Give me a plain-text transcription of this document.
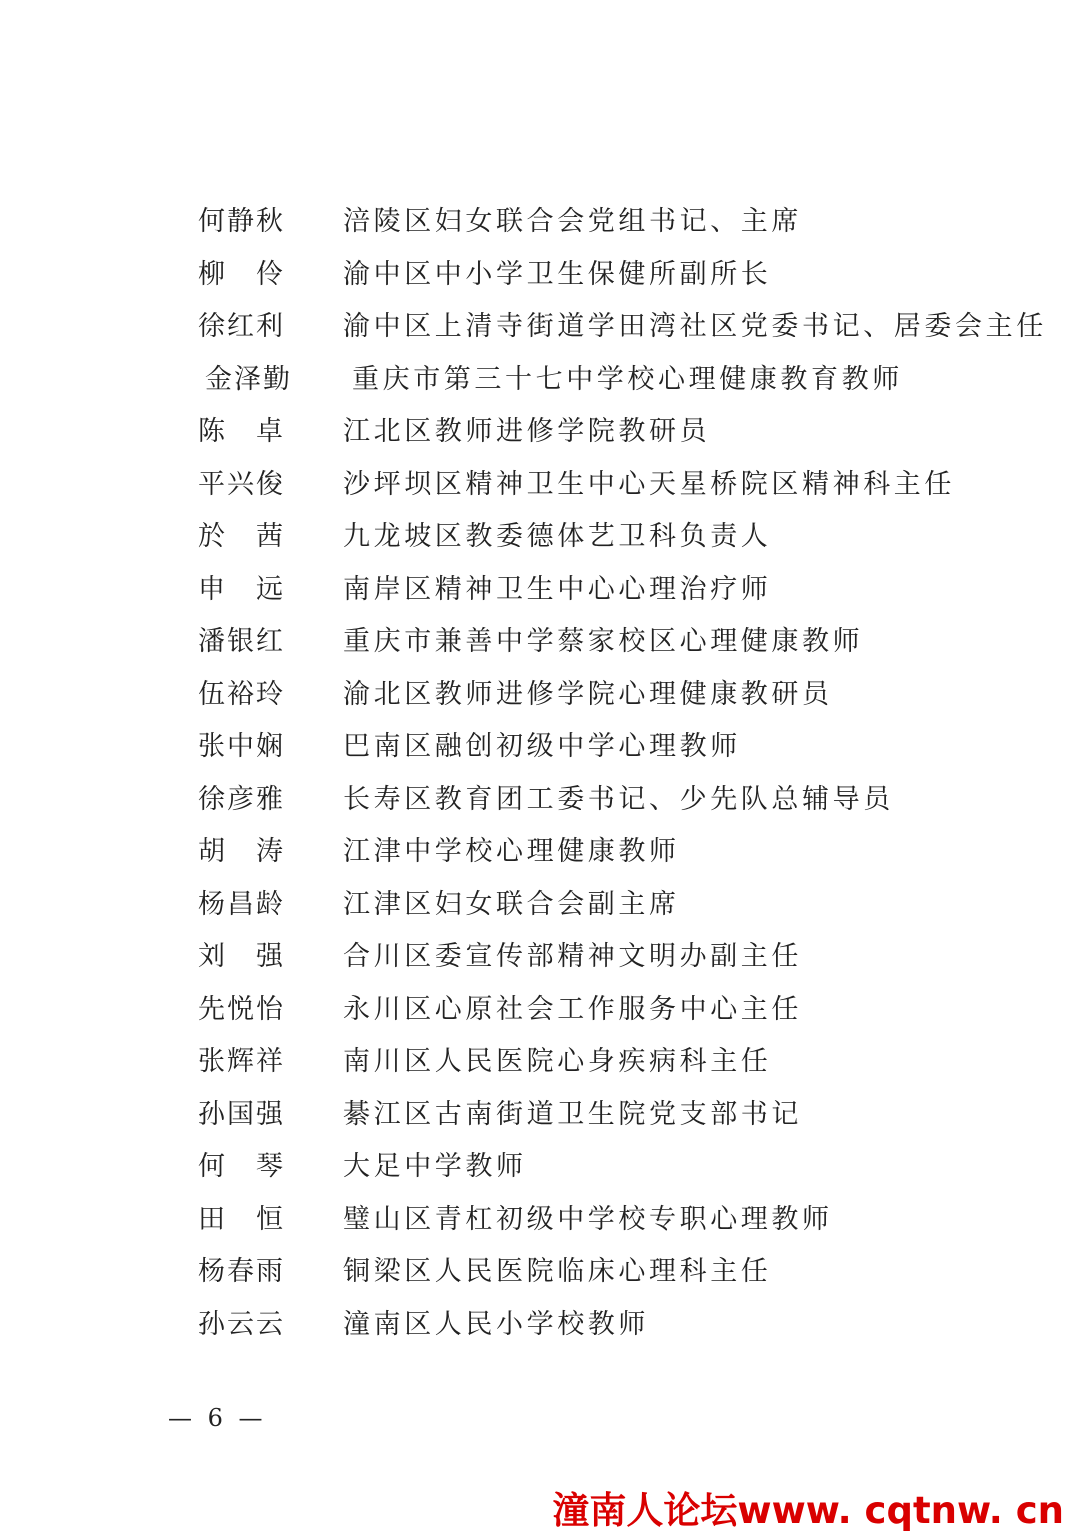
何静秋 涪陵区妇女联合会党组书记、主席
柳　伶 渝中区中小学卫生保健所副所长
徐红利 渝中区上清寺街道学田湾社区党委书记、居委会主任
金泽勤 重庆市第三十七中学校心理健康教育教师
陈　卓 江北区教师进修学院教研员
平兴俊 沙坪坝区精神卫生中心天星桥院区精神科主任
於　茜 九龙坡区教委德体艺卫科负责人
申　远 南岸区精神卫生中心心理治疗师
潘银红 重庆市兼善中学蔡家校区心理健康教师
伍裕玲 渝北区教师进修学院心理健康教研员
张中娴 巴南区融创初级中学心理教师
徐彦雅 长寿区教育团工委书记、少先队总辅导员
胡　涛 江津中学校心理健康教师
杨昌龄 江津区妇女联合会副主席
刘　强 合川区委宣传部精神文明办副主任
先悦怡 永川区心原社会工作服务中心主任
张辉祥 南川区人民医院心身疾病科主任
孙国强 綦江区古南街道卫生院党支部书记
何　琴 大足中学教师
田　恒 璧山区青杠初级中学校专职心理教师
杨春雨 铜梁区人民医院临床心理科主任
孙云云 潼南区人民小学校教师
— 6 —
潼南人论坛www. cqtnw. cn
